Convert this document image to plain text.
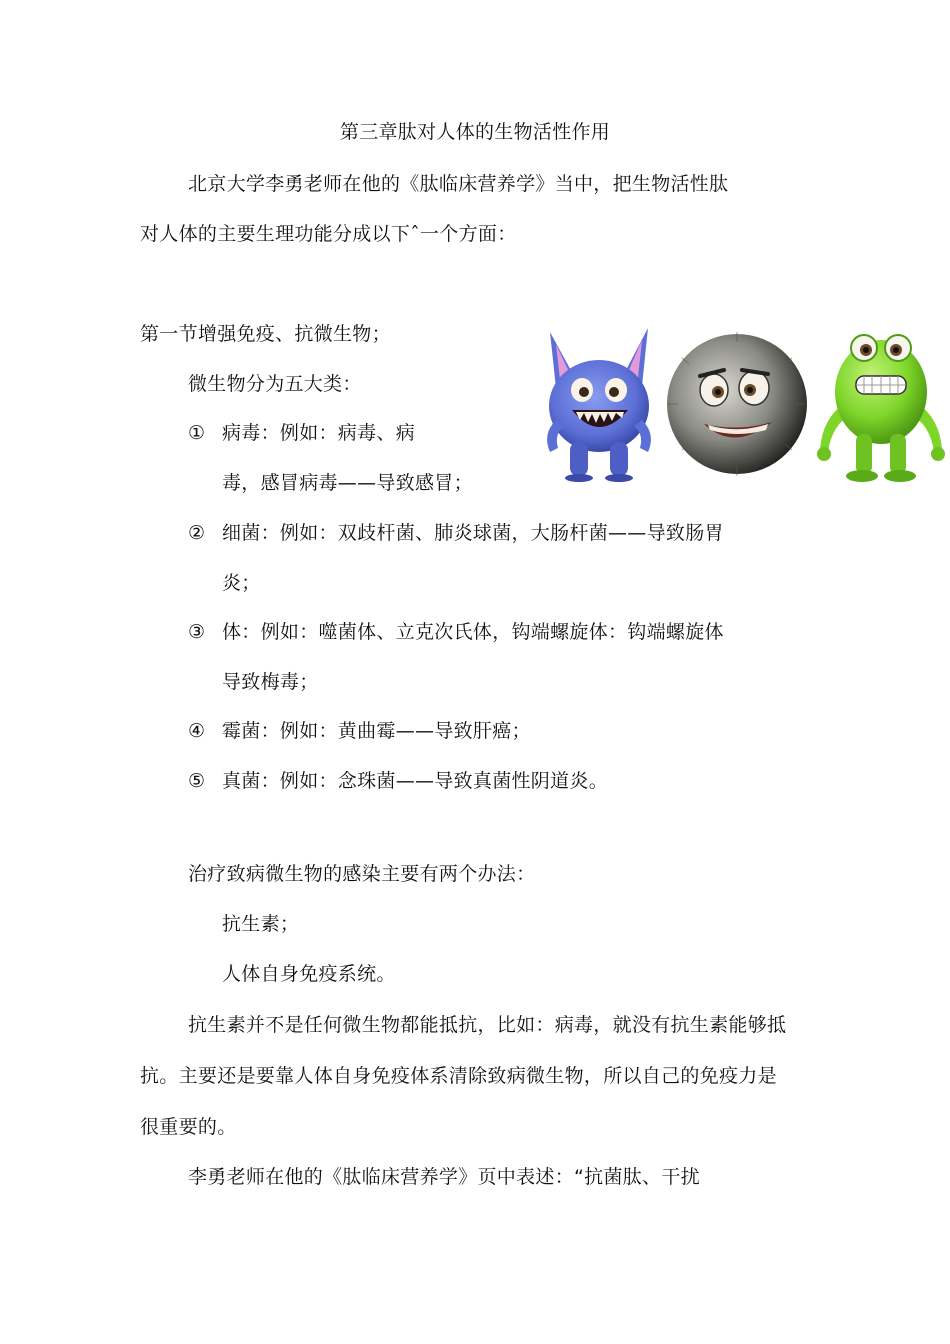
第三章肽对人体的生物活性作用
北京大学李勇老师在他的《肽临床营养学》当中，把生物活性肽
对人体的主要生理功能分成以下ˆ一个方面：
第一节增强免疫、抗微生物；
微生物分为五大类：
① 病毒：例如：病毒、病
毒，感冒病毒——导致感冒；
② 细菌：例如：双歧杆菌、肺炎球菌，大肠杆菌——导致肠胃
炎；
③ 体：例如：噬菌体、立克次氏体，钩端螺旋体：钩端螺旋体
导致梅毒；
④ 霉菌：例如：黄曲霉——导致肝癌；
⑤ 真菌：例如：念珠菌——导致真菌性阴道炎。
治疗致病微生物的感染主要有两个办法：
抗生素；
人体自身免疫系统。
抗生素并不是任何微生物都能抵抗，比如：病毒，就没有抗生素能够抵
抗。主要还是要靠人体自身免疫体系清除致病微生物，所以自己的免疫力是
很重要的。
李勇老师在他的《肽临床营养学》页中表述：“抗菌肽、干扰
